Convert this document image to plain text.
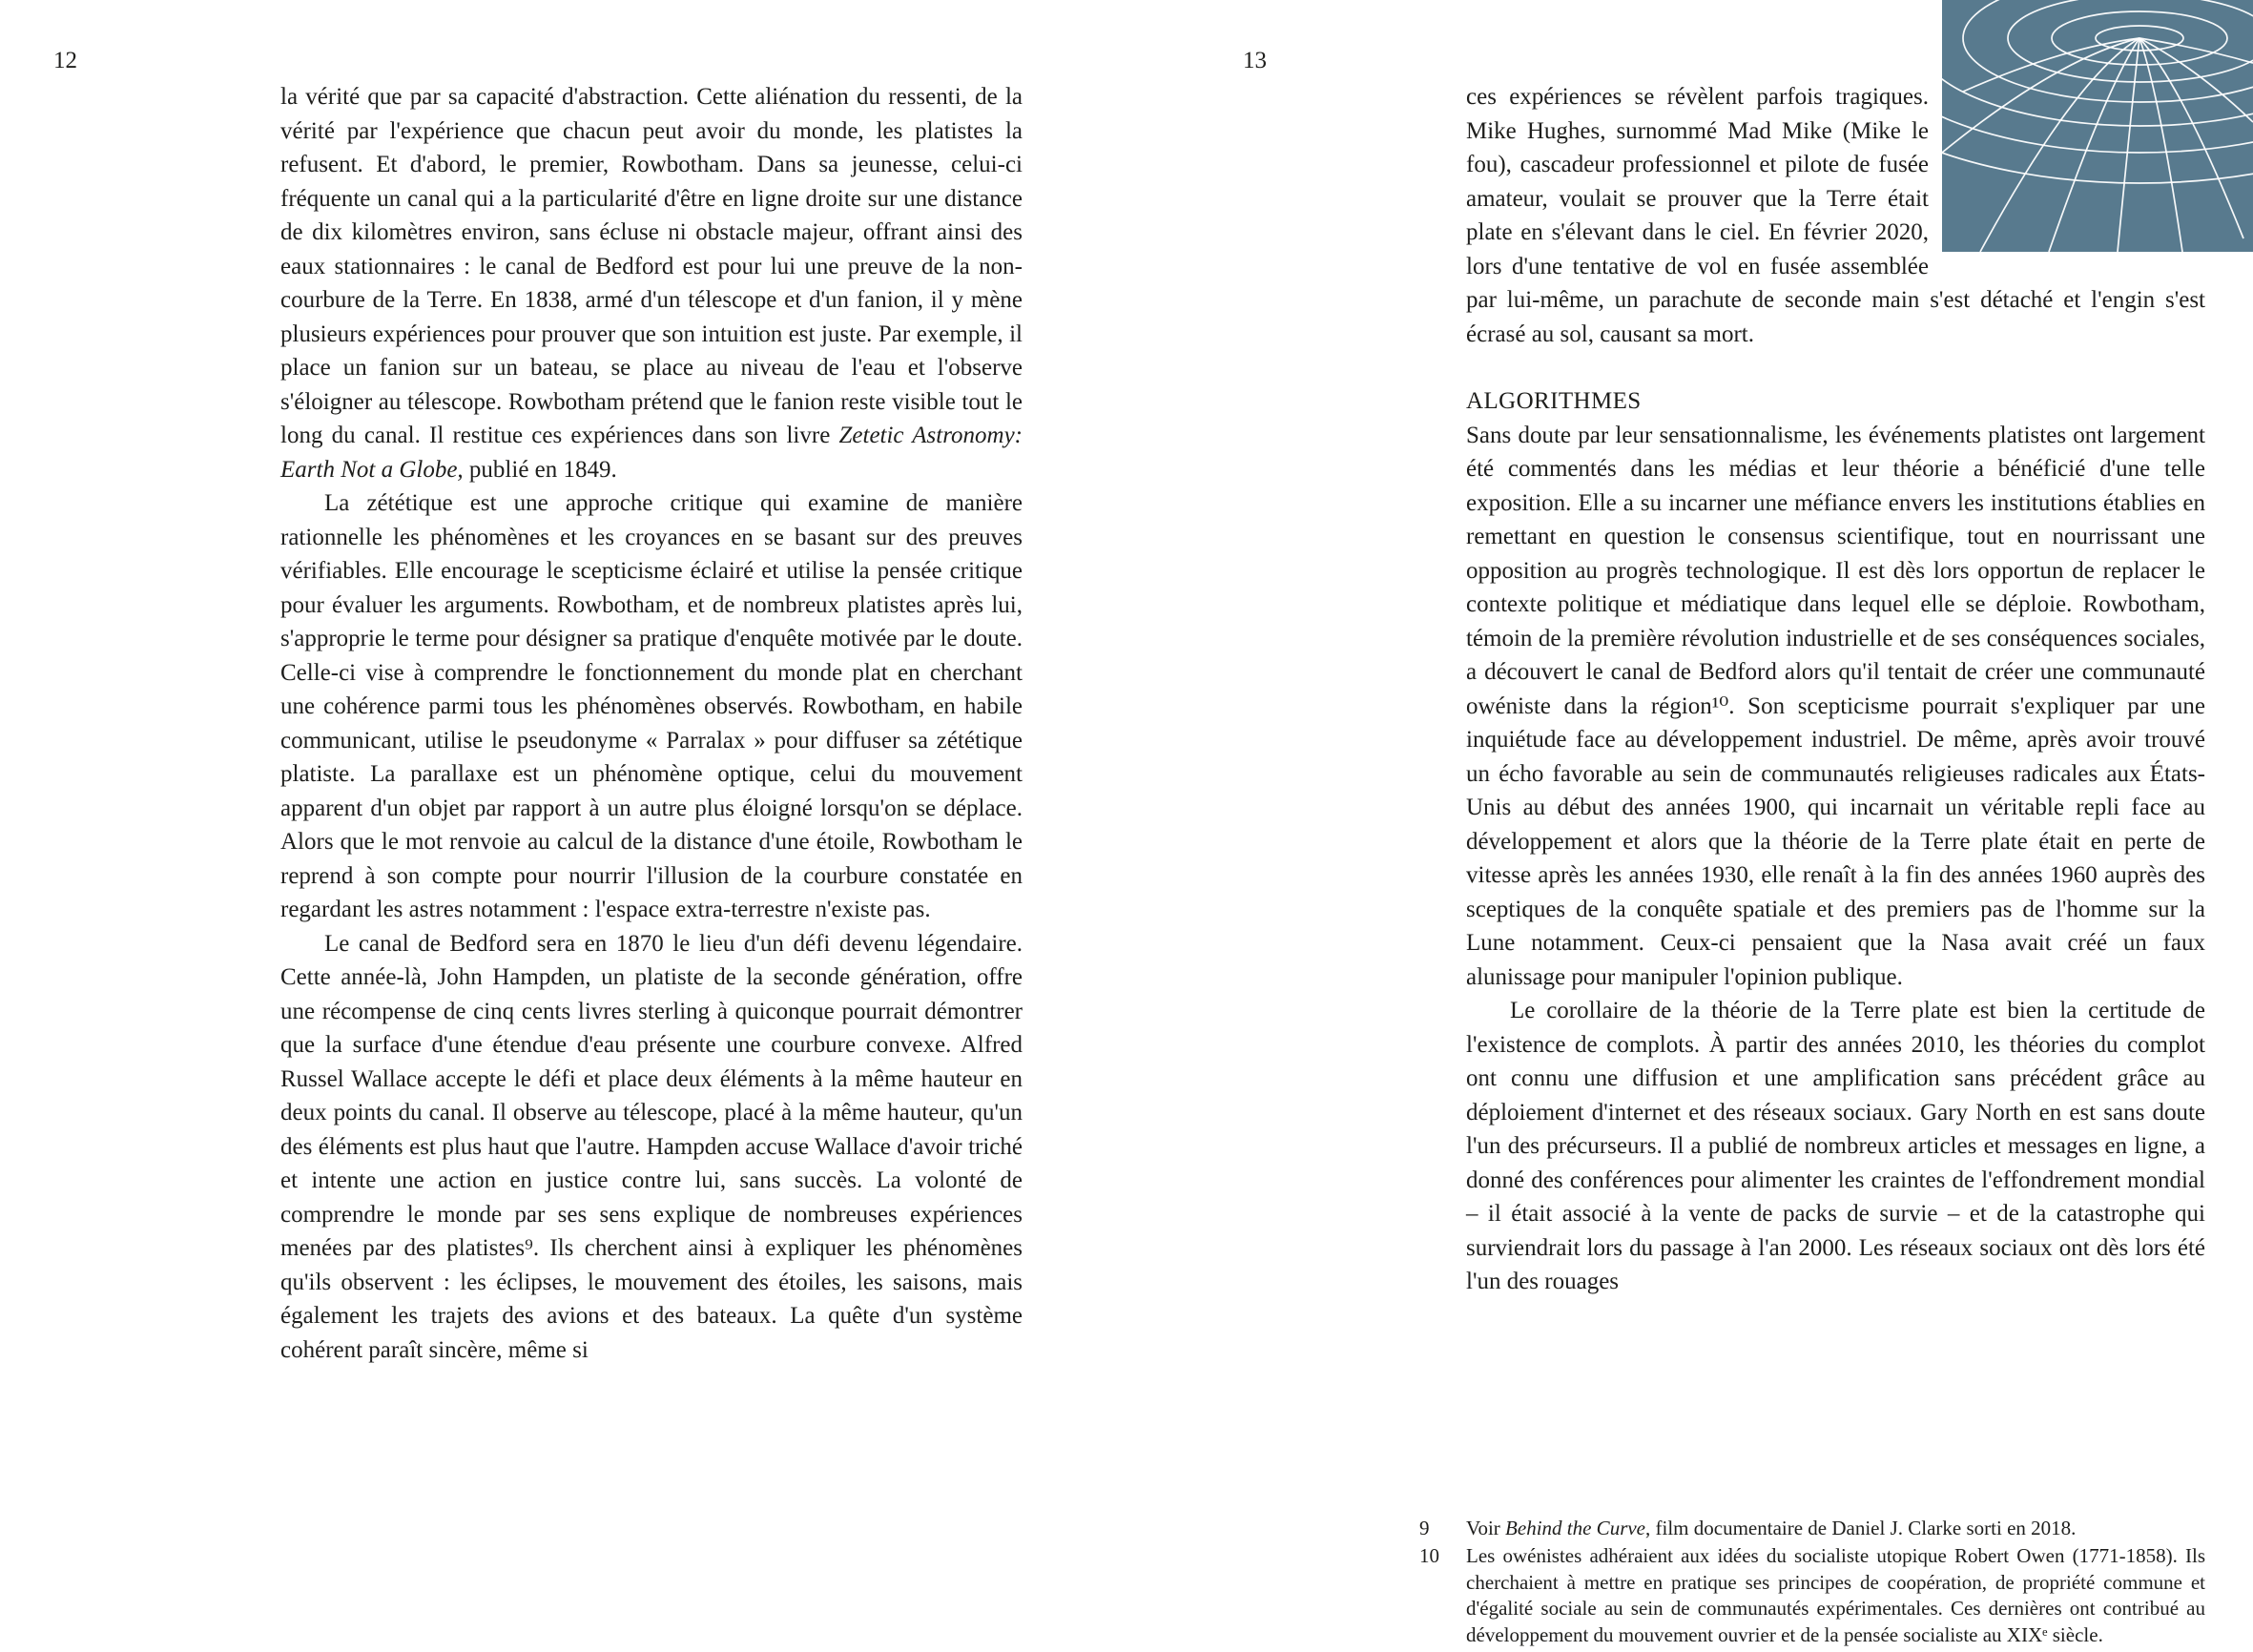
12

la vérité que par sa capacité d'abstraction. Cette aliénation du ressenti, de la vérité par l'expérience que chacun peut avoir du monde, les platistes la refusent. Et d'abord, le premier, Rowbotham. Dans sa jeunesse, celui-ci fréquente un canal qui a la particularité d'être en ligne droite sur une distance de dix kilomètres environ, sans écluse ni obstacle majeur, offrant ainsi des eaux stationnaires : le canal de Bedford est pour lui une preuve de la non-courbure de la Terre. En 1838, armé d'un télescope et d'un fanion, il y mène plusieurs expériences pour prouver que son intuition est juste. Par exemple, il place un fanion sur un bateau, se place au niveau de l'eau et l'observe s'éloigner au télescope. Rowbotham prétend que le fanion reste visible tout le long du canal. Il restitue ces expériences dans son livre Zetetic Astronomy: Earth Not a Globe, publié en 1849.

La zététique est une approche critique qui examine de manière rationnelle les phénomènes et les croyances en se basant sur des preuves vérifiables. Elle encourage le scepticisme éclairé et utilise la pensée critique pour évaluer les arguments. Rowbotham, et de nombreux platistes après lui, s'approprie le terme pour désigner sa pratique d'enquête motivée par le doute. Celle-ci vise à comprendre le fonctionnement du monde plat en cherchant une cohérence parmi tous les phénomènes observés. Rowbotham, en habile communicant, utilise le pseudonyme « Parralax » pour diffuser sa zététique platiste. La parallaxe est un phénomène optique, celui du mouvement apparent d'un objet par rapport à un autre plus éloigné lorsqu'on se déplace. Alors que le mot renvoie au calcul de la distance d'une étoile, Rowbotham le reprend à son compte pour nourrir l'illusion de la courbure constatée en regardant les astres notamment : l'espace extra-terrestre n'existe pas.

Le canal de Bedford sera en 1870 le lieu d'un défi devenu légendaire. Cette année-là, John Hampden, un platiste de la seconde génération, offre une récompense de cinq cents livres sterling à quiconque pourrait démontrer que la surface d'une étendue d'eau présente une courbure convexe. Alfred Russel Wallace accepte le défi et place deux éléments à la même hauteur en deux points du canal. Il observe au télescope, placé à la même hauteur, qu'un des éléments est plus haut que l'autre. Hampden accuse Wallace d'avoir triché et intente une action en justice contre lui, sans succès. La volonté de comprendre le monde par ses sens explique de nombreuses expériences menées par des platistes⁹. Ils cherchent ainsi à expliquer les phénomènes qu'ils observent : les éclipses, le mouvement des étoiles, les saisons, mais également les trajets des avions et des bateaux. La quête d'un système cohérent paraît sincère, même si

13

ces expériences se révèlent parfois tragiques. Mike Hughes, surnommé Mad Mike (Mike le fou), cascadeur professionnel et pilote de fusée amateur, voulait se prouver que la Terre était plate en s'élevant dans le ciel. En février 2020, lors d'une tentative de vol en fusée assemblée par lui-même, un parachute de seconde main s'est détaché et l'engin s'est écrasé au sol, causant sa mort.

ALGORITHMES

Sans doute par leur sensationnalisme, les événements platistes ont largement été commentés dans les médias et leur théorie a bénéficié d'une telle exposition. Elle a su incarner une méfiance envers les institutions établies en remettant en question le consensus scientifique, tout en nourrissant une opposition au progrès technologique. Il est dès lors opportun de replacer le contexte politique et médiatique dans lequel elle se déploie. Rowbotham, témoin de la première révolution industrielle et de ses conséquences sociales, a découvert le canal de Bedford alors qu'il tentait de créer une communauté owéniste dans la région¹⁰. Son scepticisme pourrait s'expliquer par une inquiétude face au développement industriel. De même, après avoir trouvé un écho favorable au sein de communautés religieuses radicales aux États-Unis au début des années 1900, qui incarnait un véritable repli face au développement et alors que la théorie de la Terre plate était en perte de vitesse après les années 1930, elle renaît à la fin des années 1960 auprès des sceptiques de la conquête spatiale et des premiers pas de l'homme sur la Lune notamment. Ceux-ci pensaient que la Nasa avait créé un faux alunissage pour manipuler l'opinion publique.

Le corollaire de la théorie de la Terre plate est bien la certitude de l'existence de complots. À partir des années 2010, les théories du complot ont connu une diffusion et une amplification sans précédent grâce au déploiement d'internet et des réseaux sociaux. Gary North en est sans doute l'un des précurseurs. Il a publié de nombreux articles et messages en ligne, a donné des conférences pour alimenter les craintes de l'effondrement mondial – il était associé à la vente de packs de survie – et de la catastrophe qui surviendrait lors du passage à l'an 2000. Les réseaux sociaux ont dès lors été l'un des rouages

9	Voir Behind the Curve, film documentaire de Daniel J. Clarke sorti en 2018.
10	Les owénistes adhéraient aux idées du socialiste utopique Robert Owen (1771-1858). Ils cherchaient à mettre en pratique ses principes de coopération, de propriété commune et d'égalité sociale au sein de communautés expérimentales. Ces dernières ont contribué au développement du mouvement ouvrier et de la pensée socialiste au XIXᵉ siècle.
